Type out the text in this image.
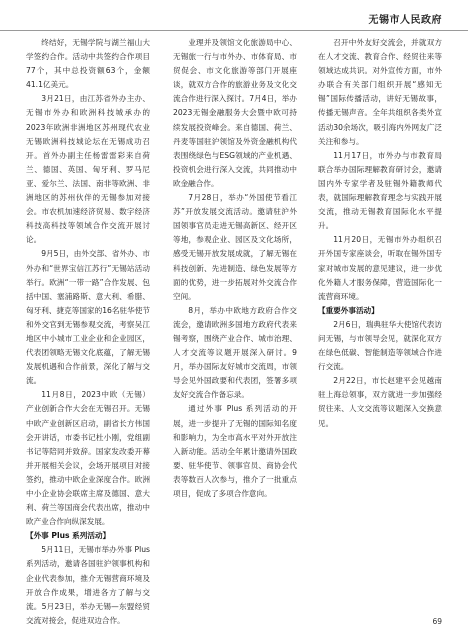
无锡市人民政府

终结好，无锡学院与湖兰福山大学签约合作。活动中共签约合作项目77个，其中总投资额63个，金额41.1亿美元。

3月21日，由江苏省外办主办、无锡市外办和欧洲科技城承办的2023年欧洲非洲地区苏州现代农业无锡欧洲科技城论坛在无锡成功召开。首外办副主任杨雷雷彩来自荷兰、德国、英国、匈牙利、罗马尼亚、爱尔兰、法国、南非等欧洲、非洲地区的苏州伙伴的无锡参加对接会。市农机加速经济贸易、数字经济科技高科技等领域合作交流开展讨论。

9月5日，由外交部、省外办、市外办和“世界宝信江苏行”无锡站活动举行。欧洲“一带一路”合作发展、包括中国、塞浦路斯、意大利、希腊、匈牙利、捷克等国家的16名驻华使节和外交官到无锡参观交流，考察吴江地区中小城市工业企业和企业园区，代表团领略无锡文化底蕴，了解无锡发展机遇和合作前景，深化了解与交流。

11月8日，2023中欧（无锡）产业创新合作大会在无锡召开。无锡中欧产业创新区启动，副省长方伟国会开讲话，市委书记杜小刚，党组副书记等陪同并致辞。国家发改委开幕并开展相关会议，会场开展项目对接签约，推动中欧企业深度合作。欧洲中小企业协会联席主席及德国、意大利、荷兰等国商会代表出席，推动中欧产业合作向纵深发展。

【外事 Plus 系列活动】

5月11日，无锡市举办外事 Plus 系列活动，邀请各国驻沪领事机构和企业代表参加，推介无锡营商环境及开放合作成果，增进各方了解与交流。5月23日，举办无锡—东盟经贸交流对接会，促进双边合作。

业理并及领馆文化旅游局中心、无锡旅一行与市外办、市体育局、市贸促会、市文化旅游等部门开展座谈，就双方合作的旅游业务及文化交流合作进行深入探讨。7月4日，举办2023无锡金融服务大会暨中欧可持续发展投资峰会。来自德国、荷兰、丹麦等国驻沪领馆及外资金融机构代表围绕绿色与ESG领域的产业机遇、投资机会进行深入交流，共同推动中欧金融合作。

7月28日，举办“外国使节看江苏”开放发展交流活动。邀请驻沪外国领事官员走进无锡高新区、经开区等地，参观企业、园区及文化场所，感受无锡开放发展成就，了解无锡在科技创新、先进制造、绿色发展等方面的优势，进一步拓展对外交流合作空间。

8月，举办中欧地方政府合作交流会，邀请欧洲多国地方政府代表来锡考察，围绕产业合作、城市治理、人才交流等议题开展深入研讨。9月，举办国际友好城市交流周，市领导会见外国政要和代表团，签署多项友好交流合作备忘录。

通过外事 Plus 系列活动的开展，进一步提升了无锡的国际知名度和影响力，为全市高水平对外开放注入新动能。活动全年累计邀请外国政要、驻华使节、领事官员、商协会代表等数百人次参与，推介了一批重点项目，促成了多项合作意向。

召开中外友好交流会，并就双方在人才交流、教育合作、经贸往来等领域达成共识。对外宣传方面，市外办联合有关部门组织开展“感知无锡”国际传播活动，讲好无锡故事，传播无锡声音。全年共组织各类外宣活动30余场次，吸引海内外网友广泛关注和参与。

11月17日，市外办与市教育局联合举办国际理解教育研讨会，邀请国内外专家学者及驻锡外籍教师代表，就国际理解教育理念与实践开展交流，推动无锡教育国际化水平提升。

11月20日，无锡市外办组织召开外国专家座谈会，听取在锡外国专家对城市发展的意见建议，进一步优化外籍人才服务保障，营造国际化一流营商环境。

【重要外事活动】

2月6日，瑞典驻华大使馆代表访问无锡，与市领导会见，就深化双方在绿色低碳、智能制造等领域合作进行交流。

2月22日，市长赵建平会见越南驻上海总领事，双方就进一步加强经贸往来、人文交流等议题深入交换意见。

69
